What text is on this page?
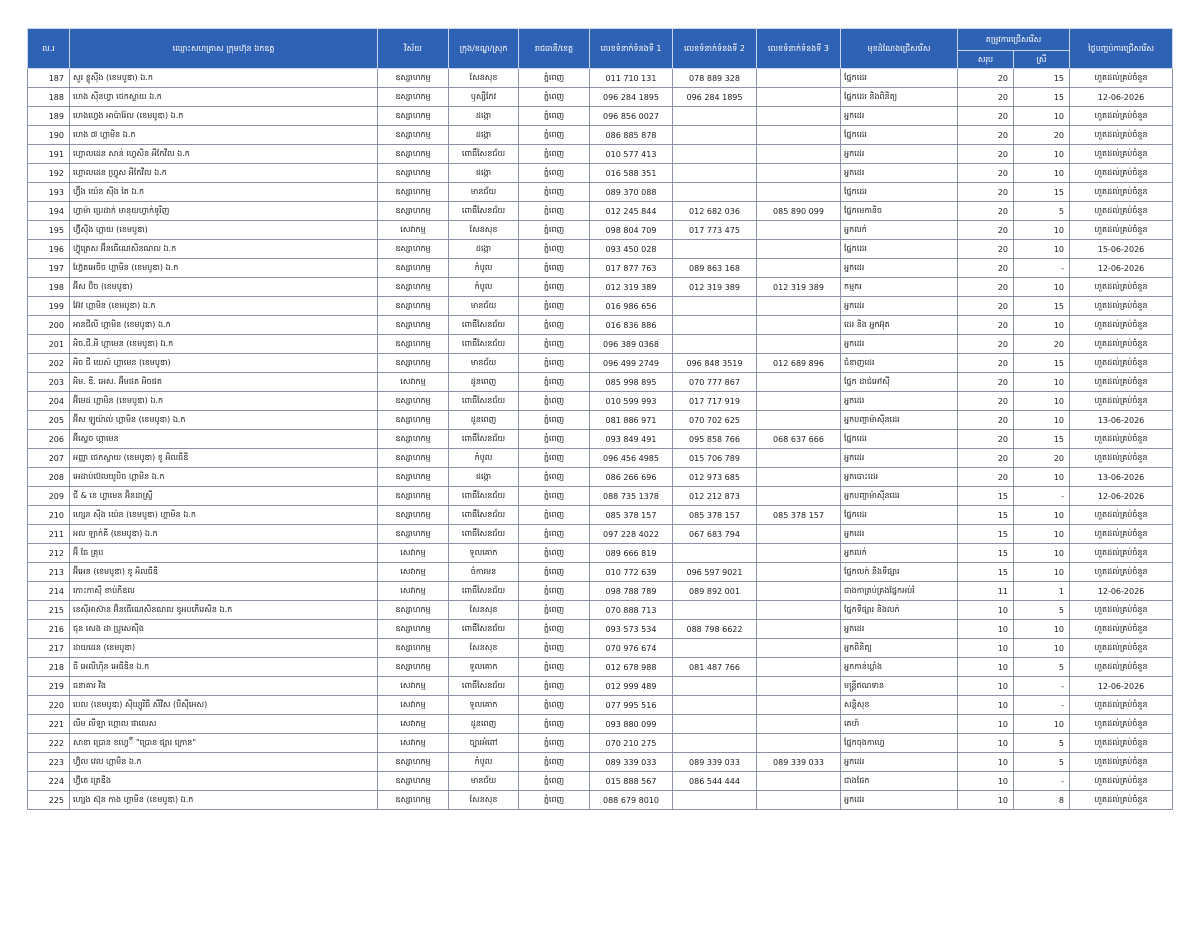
ល.រ	ឈ្មោះសហគ្រាស ក្រុមហ៊ុន ឯកឧត្ត	វិស័យ	ក្រុង/ខណ្ឌ/ស្រុក	រាជធានី/ខេត្ត	លេខទំនាក់ទំនងទី 1	លេខទំនាក់ទំនងទី 2	លេខទំនាក់ទំនងទី 3	មុខដំណែងជ្រើសរើស	តម្រូវការជ្រើសរើស		ថ្ងៃបញ្ចប់ការជ្រើសរើស
									សរុប	ស្រី	
187	សួរ ខ្លូស៊ីង (ខេមបូឌា) ឯ.ក	ឧស្សាហកម្ម	សែនសុខ	ភ្នំពេញ	011 710 131	078 889 328		ផ្នែកដេរ	20	15	ហួតដល់គ្រប់ចំនួន
188	ហេង ស៊ីនហ្វា ថេកស្ទាយ ឯ.ក	ឧស្សាហកម្ម	ឫស្សីកែវ	ភ្នំពេញ	096 284 1895	096 284 1895		ផ្នែកដេរ និងពិនិត្យ	20	15	12-06-2026
189	ហេងហ្វេង អាប៉ារ៉ែល (ខេមបូឌា) ឯ.ក	ឧស្សាហកម្ម	ដង្កោ	ភ្នំពេញ	096 856 0027			អ្នកដេរ	20	10	ហួតដល់គ្រប់ចំនួន
190	ហេង ៧ ហ្គាមិន ឯ.ក	ឧស្សាហកម្ម	ដង្កោ	ភ្នំពេញ	086 885 878			ផ្នែកដេរ	20	20	ហួតដល់គ្រប់ចំនួន
191	ហ្គោលដេន សាន់ ហ្វេសិន អីកែវីល ឯ.ក	ឧស្សាហកម្ម	ពោធិ៍សែនជ័យ	ភ្នំពេញ	010 577 413			អ្នកដេរ	20	10	ហួតដល់គ្រប់ចំនួន
192	ហ្គោលដេន ហ្វ្រូស អីកែវីល ឯ.ក	ឧស្សាហកម្ម	ដង្កោ	ភ្នំពេញ	016 588 351			អ្នកដេរ	20	10	ហួតដល់គ្រប់ចំនួន
193	ហ្វ៊ីង យ៉េន ស៊ីង តៃ ឯ.ក	ឧស្សាហកម្ម	មានជ័យ	ភ្នំពេញ	089 370 088			ផ្នែកដេរ	20	15	ហួតដល់គ្រប់ចំនួន
194	ហ្វាម៉ា ប្រេដាក់ មានុយហ្វាក់ទូរីញ	ឧស្សាហកម្ម	ពោធិ៍សែនជ័យ	ភ្នំពេញ	012 245 844	012 682 036	085 890 099	ផ្នែកមេកានិច	20	5	ហួតដល់គ្រប់ចំនួន
195	ហ៊្វីស៊ីង ហ្គាយ (ខេមបូឌា)	សេវាកម្ម	សែនសុខ	ភ្នំពេញ	098 804 709	017 773 475		អ្នកលក់	20	10	ហួតដល់គ្រប់ចំនួន
196	ហ៊្វូត្រេស អ៊ីនធើណេសិនណល ឯ.ក	ឧស្សាហកម្ម	ដង្កោ	ភ្នំពេញ	093 450 028			ផ្នែកដេរ	20	10	15-06-2026
197	ហ្វ៊ែតអេចិច ហ្គាមិន (ខេមបូឌា) ឯ.ក	ឧស្សាហកម្ម	កំបូល	ភ្នំពេញ	017 877 763	089 863 168		អ្នកដេរ	20	-	12-06-2026
198	អ៊ីស ប៊ិច (ខេមបូឌា)	ឧស្សាហកម្ម	កំបូល	ភ្នំពេញ	012 319 389	012 319 389	012 319 389	កម្មករ	20	10	ហួតដល់គ្រប់ចំនួន
199	អ៊ែវ ហ្គាមិន (ខេមបូឌា) ឯ.ក	ឧស្សាហកម្ម	មានជ័យ	ភ្នំពេញ	016 986 656			អ្នកដេរ	20	15	ហួតដល់គ្រប់ចំនួន
200	អានជីលី ហ្គាមិន (ខេមបូឌា) ឯ.ក	ឧស្សាហកម្ម	ពោធិ៍សែនជ័យ	ភ្នំពេញ	016 836 886			ដេរ និង អ្នកអ៊ុត	20	10	ហួតដល់គ្រប់ចំនួន
201	អិច.ជី.អី ហ្គាមេន (ខេមបូឌា) ឯ.ក	ឧស្សាហកម្ម	ពោធិ៍សែនជ័យ	ភ្នំពេញ	096 389 0368			អ្នកដេរ	20	20	ហួតដល់គ្រប់ចំនួន
202	អិច ជី យេស៍ ហ្គាមេន (ខេមបូឌា)	ឧស្សាហកម្ម	មានជ័យ	ភ្នំពេញ	096 499 2749	096 848 3519	012 689 896	ជំនាញដេរ	20	15	ហួតដល់គ្រប់ចំនួន
203	អិម. ឌី. អេស. អ៊ីមផត អិចផត	សេវាកម្ម	ដូនពេញ	ភ្នំពេញ	085 998 895	070 777 867		ផ្នែក ដាជ់អៅស៊ី	20	10	ហួតដល់គ្រប់ចំនួន
204	អ៊ីមេដ ហ្គាមិន (ខេមបូឌា) ឯ.ក	ឧស្សាហកម្ម	ពោធិ៍សែនជ័យ	ភ្នំពេញ	010 599 993	017 717 919		អ្នកដេរ	20	10	ហួតដល់គ្រប់ចំនួន
205	អ៊ីស ឡូយ៉ាល់ ហ្គាមិន (ខេមបូឌា) ឯ.ក	ឧស្សាហកម្ម	ដូនពេញ	ភ្នំពេញ	081 886 971	070 702 625		អ្នកបញ្ជាម៉ាស៊ីនដេរ	20	10	13-06-2026
206	អ៊ីស្វេច ហ្គាមេន	ឧស្សាហកម្ម	ពោធិ៍សែនជ័យ	ភ្នំពេញ	093 849 491	095 858 766	068 637 666	ផ្នែកដេរ	20	15	ហួតដល់គ្រប់ចំនួន
207	អញ្ញា ថេកស្ទាយ (ខេមបូឌា) ខូ អិលធីឌី	ឧស្សាហកម្ម	កំបូល	ភ្នំពេញ	096 456 4985	015 706 789		អ្នកដេរ	20	20	ហួតដល់គ្រប់ចំនួន
208	អេដាប់ប៊េលយូបិច ហ្គាមិន ឯ.ក	ឧស្សាហកម្ម	ដង្កោ	ភ្នំពេញ	086 266 696	012 973 685		អ្នកបោះដេរ	20	10	13-06-2026
209	ជី & ខេ ហ្គាមេន អ៊ិនដាស្ទ្រី	ឧស្សាហកម្ម	ពោធិ៍សែនជ័យ	ភ្នំពេញ	088 735 1378	012 212 873		អ្នកបញ្ជាម៉ាស៊ីនដេរ	15	-	12-06-2026
210	ហ្សេន ស៊ីង យ៉េន (ខេមបូឌា) ហ្គាមិន ឯ.ក	ឧស្សាហកម្ម	ពោធិ៍សែនជ័យ	ភ្នំពេញ	085 378 157	085 378 157	085 378 157	ផ្នែកដេរ	15	10	ហួតដល់គ្រប់ចំនួន
211	អល ឡាក់គី (ខេមបូឌា) ឯ.ក	ឧស្សាហកម្ម	ពោធិ៍សែនជ័យ	ភ្នំពេញ	097 228 4022	067 683 794		អ្នកដេរ	15	10	ហួតដល់គ្រប់ចំនួន
212	អ៊ី ធែ គ្រុប	សេវាកម្ម	ទួលគោក	ភ្នំពេញ	089 666 819			អ្នកលក់	15	10	ហួតដល់គ្រប់ចំនួន
213	អ៊ីអេន (ខេមបូឌា) ខូ អិលធីឌី	សេវាកម្ម	ចំការមន	ភ្នំពេញ	010 772 639	096 597 9021		ផ្នែកលក់ និងទីផ្សារ	15	10	ហួតដល់គ្រប់ចំនួន
214	កោះកាសុី ខាប់ភីឌល	សេវាកម្ម	ពោធិ៍សែនជ័យ	ភ្នំពេញ	098 788 789	089 892 001		ជាងកាត្រប់គ្រងផ្នែកអប់រំ	11	1	12-06-2026
215	ខេស៊ីអាស៊ាន អ៊ិនធើណេសិនណល ខូអបភើរេសិន ឯ.ក	ឧស្សាហកម្ម	សែនសុខ	ភ្នំពេញ	070 888 713			ផ្នែកទីផ្សារ និងលក់	10	5	ហួតដល់គ្រប់ចំនួន
216	ជុន សេង ដា ប្រូសេស៊ីង	ឧស្សាហកម្ម	ពោធិ៍សែនជ័យ	ភ្នំពេញ	093 573 534	088 798 6622		អ្នកដេរ	10	10	ហួតដល់គ្រប់ចំនួន
217	ដាយដេន (ខេមបូឌា)	ឧស្សាហកម្ម	សែនសុខ	ភ្នំពេញ	070 976 674			អ្នកពិនិត្យ	10	10	ហួតដល់គ្រប់ចំនួន
218	ធី អេលីហ៊ិន អេធីឌិន ឯ.ក	ឧស្សាហកម្ម	ទួលគោក	ភ្នំពេញ	012 678 988	081 487 766		អ្នកកាន់ឃ្លាំង	10	5	ហួតដល់គ្រប់ចំនួន
219	ធនាគារ វីង	សេវាកម្ម	ពោធិ៍សែនជ័យ	ភ្នំពេញ	012 999 489			មន្ត្រីឥណទាន	10	-	12-06-2026
220	បេល (ខេមបូឌា) សុីឃ្យូរីធី សឺវីស (បីស៊ីអេស)	សេវាកម្ម	ទួលគោក	ភ្នំពេញ	077 995 516			សន្តិសុខ	10	-	ហួតដល់គ្រប់ចំនួន
221	លឹម លីឡា ហ្គោល ផាលេស	សេវាកម្ម	ដូនពេញ	ភ្នំពេញ	093 880 099			គេហ៍	10	10	ហួតដល់គ្រប់ចំនួន
222	សាខា ប្រោន ខហ្វេ៊ី "ប្រោន ផ្សារ ក្រោន"	សេវាកម្ម	ច្បារអំពៅ	ភ្នំពេញ	070 210 275			ផ្នែកចុងកាហ្វេ	10	5	ហួតដល់គ្រប់ចំនួន
223	ហ៊្វិល វេល ហ្គាមិន ឯ.ក	ឧស្សាហកម្ម	កំបូល	ភ្នំពេញ	089 339 033	089 339 033	089 339 033	អ្នកដេរ	10	5	ហួតដល់គ្រប់ចំនួន
224	ហ៊្វីតេ ត្រេឌីង	ឧស្សាហកម្ម	មានជ័យ	ភ្នំពេញ	015 888 567	086 544 444		ជាងផែក	10	-	ហួតដល់គ្រប់ចំនួន
225	ហ្សេង ស៊ុន កាង ហ្គាមិន (ខេមបូឌា) ឯ.ក	ឧស្សាហកម្ម	សែនសុខ	ភ្នំពេញ	088 679 8010			អ្នកដេរ	10	8	ហួតដល់គ្រប់ចំនួន
